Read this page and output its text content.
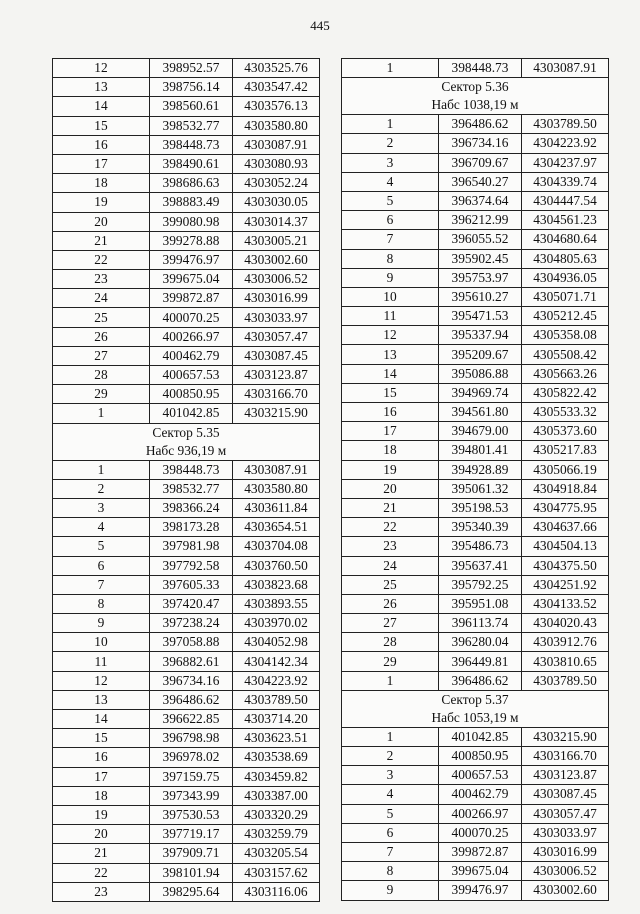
445
12	398952.57	4303525.76
13	398756.14	4303547.42
14	398560.61	4303576.13
15	398532.77	4303580.80
16	398448.73	4303087.91
17	398490.61	4303080.93
18	398686.63	4303052.24
19	398883.49	4303030.05
20	399080.98	4303014.37
21	399278.88	4303005.21
22	399476.97	4303002.60
23	399675.04	4303006.52
24	399872.87	4303016.99
25	400070.25	4303033.97
26	400266.97	4303057.47
27	400462.79	4303087.45
28	400657.53	4303123.87
29	400850.95	4303166.70
1	401042.85	4303215.90

Сектор 5.35
Набс 936,19 м		

1	398448.73	4303087.91
2	398532.77	4303580.80
3	398366.24	4303611.84
4	398173.28	4303654.51
5	397981.98	4303704.08
6	397792.58	4303760.50
7	397605.33	4303823.68
8	397420.47	4303893.55
9	397238.24	4303970.02
10	397058.88	4304052.98
11	396882.61	4304142.34
12	396734.16	4304223.92
13	396486.62	4303789.50
14	396622.85	4303714.20
15	396798.98	4303623.51
16	396978.02	4303538.69
17	397159.75	4303459.82
18	397343.99	4303387.00
19	397530.53	4303320.29
20	397719.17	4303259.79
21	397909.71	4303205.54
22	398101.94	4303157.62
23	398295.64	4303116.06
1	398448.73	4303087.91

Сектор 5.36
Набс 1038,19 м		

1	396486.62	4303789.50
2	396734.16	4304223.92
3	396709.67	4304237.97
4	396540.27	4304339.74
5	396374.64	4304447.54
6	396212.99	4304561.23
7	396055.52	4304680.64
8	395902.45	4304805.63
9	395753.97	4304936.05
10	395610.27	4305071.71
11	395471.53	4305212.45
12	395337.94	4305358.08
13	395209.67	4305508.42
14	395086.88	4305663.26
15	394969.74	4305822.42
16	394561.80	4305533.32
17	394679.00	4305373.60
18	394801.41	4305217.83
19	394928.89	4305066.19
20	395061.32	4304918.84
21	395198.53	4304775.95
22	395340.39	4304637.66
23	395486.73	4304504.13
24	395637.41	4304375.50
25	395792.25	4304251.92
26	395951.08	4304133.52
27	396113.74	4304020.43
28	396280.04	4303912.76
29	396449.81	4303810.65
1	396486.62	4303789.50

Сектор 5.37
Набс 1053,19 м		

1	401042.85	4303215.90
2	400850.95	4303166.70
3	400657.53	4303123.87
4	400462.79	4303087.45
5	400266.97	4303057.47
6	400070.25	4303033.97
7	399872.87	4303016.99
8	399675.04	4303006.52
9	399476.97	4303002.60
